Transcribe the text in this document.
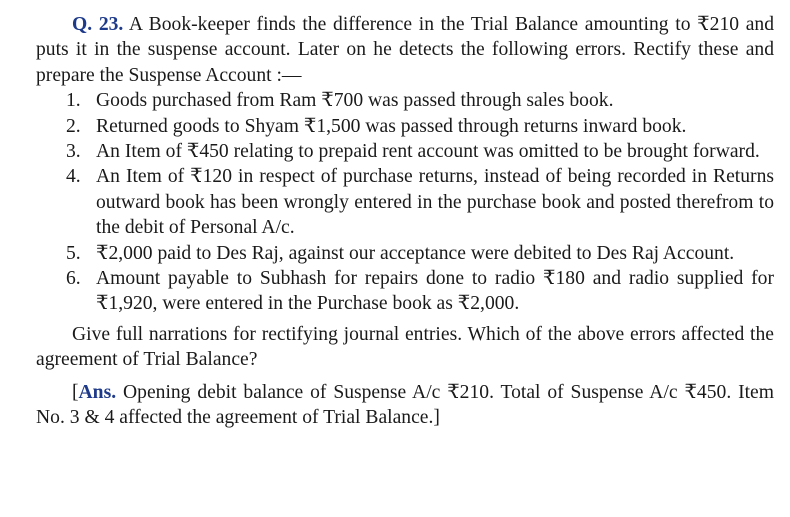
Q. 23. A Book-keeper finds the difference in the Trial Balance amounting to ₹210 and puts it in the suspense account. Later on he detects the following errors. Rectify these and prepare the Suspense Account :—

1. Goods purchased from Ram ₹700 was passed through sales book.
2. Returned goods to Shyam ₹1,500 was passed through returns inward book.
3. An Item of ₹450 relating to prepaid rent account was omitted to be brought forward.
4. An Item of ₹120 in respect of purchase returns, instead of being recorded in Returns outward book has been wrongly entered in the purchase book and posted therefrom to the debit of Personal A/c.
5. ₹2,000 paid to Des Raj, against our acceptance were debited to Des Raj Account.
6. Amount payable to Subhash for repairs done to radio ₹180 and radio supplied for ₹1,920, were entered in the Purchase book as ₹2,000.

Give full narrations for rectifying journal entries. Which of the above errors affected the agreement of Trial Balance?

[Ans. Opening debit balance of Suspense A/c ₹210. Total of Suspense A/c ₹450. Item No. 3 & 4 affected the agreement of Trial Balance.]
